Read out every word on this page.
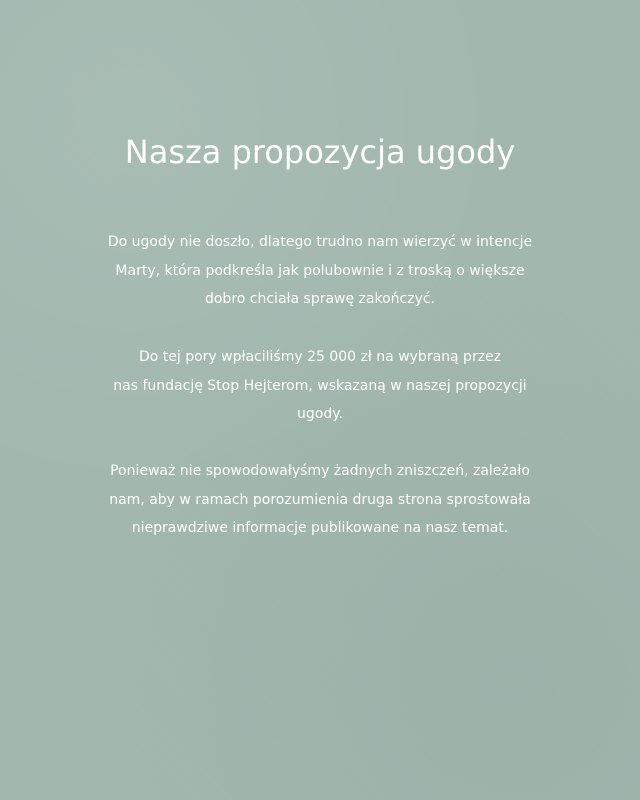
Nasza propozycja ugody
Do ugody nie doszło, dlatego trudno nam wierzyć w intencje
Marty, która podkreśla jak polubownie i z troską o większe
dobro chciała sprawę zakończyć.
Do tej pory wpłaciliśmy 25 000 zł na wybraną przez
nas fundację Stop Hejterom, wskazaną w naszej propozycji
ugody.
Ponieważ nie spowodowałyśmy żadnych zniszczeń, zależało
nam, aby w ramach porozumienia druga strona sprostowała
nieprawdziwe informacje publikowane na nasz temat.
